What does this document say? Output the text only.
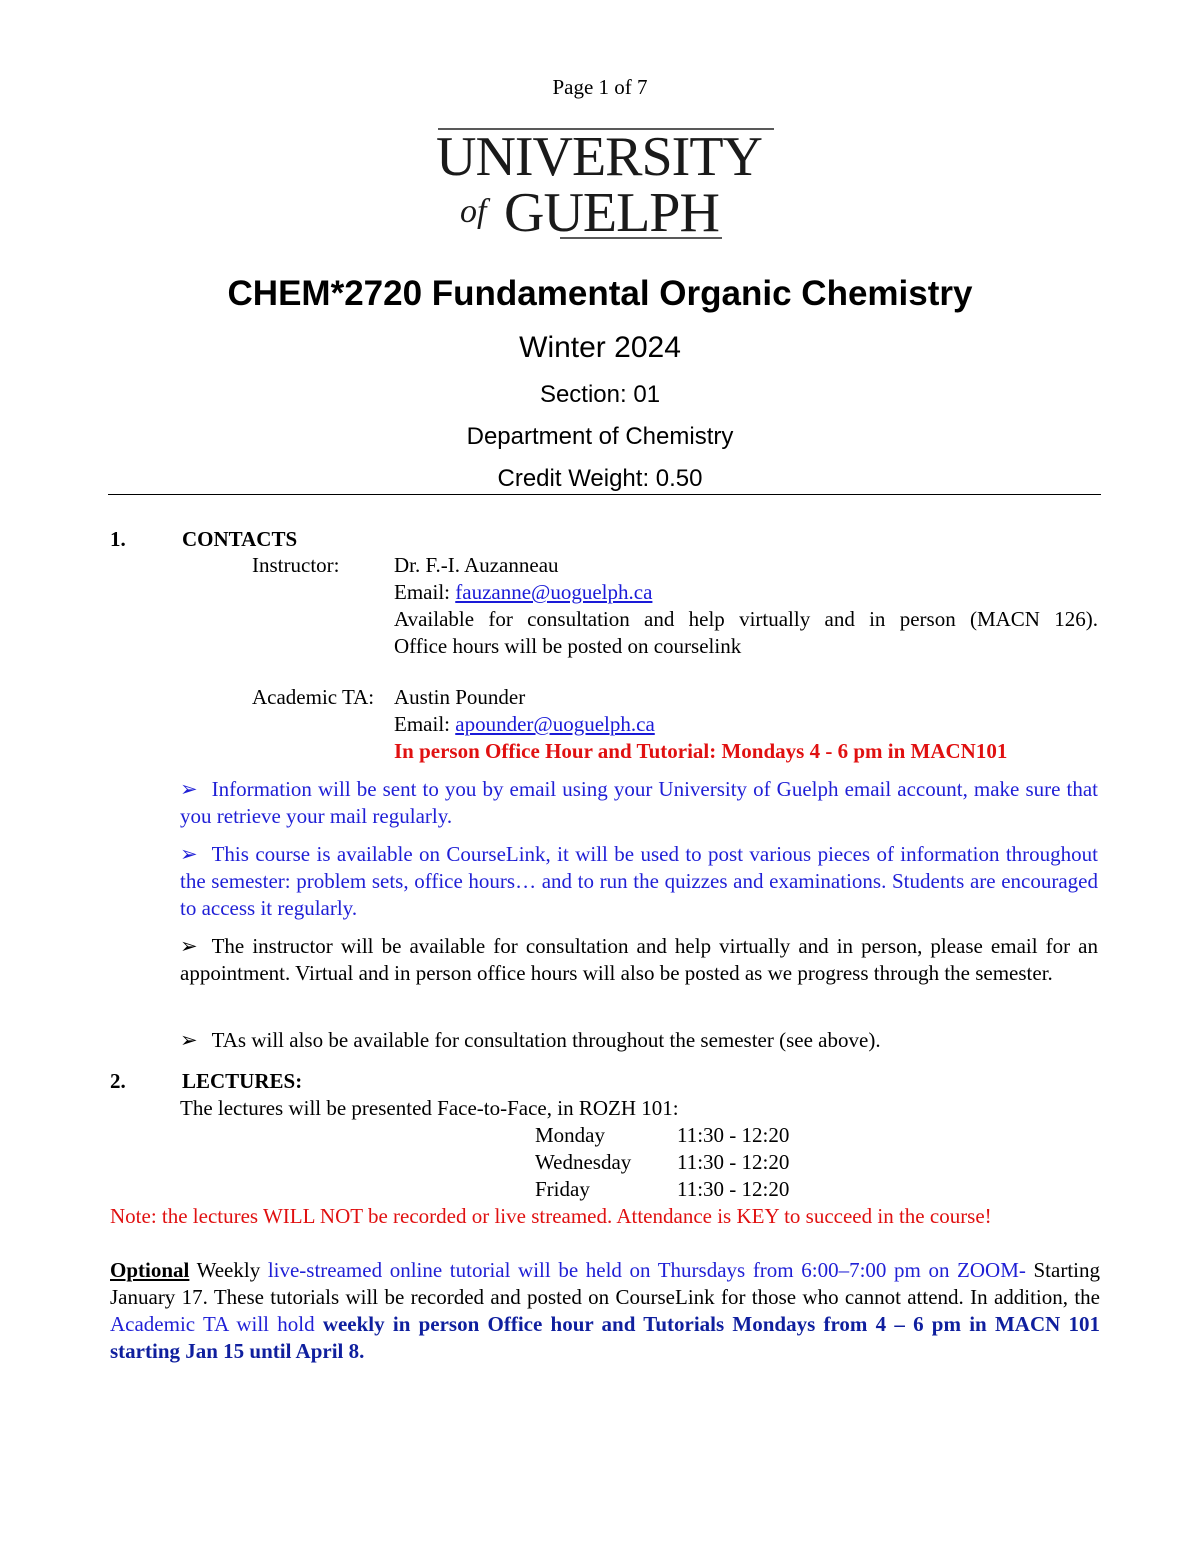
Page 1 of 7
UNIVERSITY
of GUELPH
CHEM*2720 Fundamental Organic Chemistry
Winter 2024
Section: 01
Department of Chemistry
Credit Weight: 0.50
1.	CONTACTS
Instructor:	Dr. F.-I. Auzanneau
Email: fauzanne@uoguelph.ca
Available for consultation and help virtually and in person (MACN 126).
Office hours will be posted on courselink
Academic TA: Austin Pounder
Email: apounder@uoguelph.ca
In person Office Hour and Tutorial: Mondays 4 - 6 pm in MACN101
➢ Information will be sent to you by email using your University of Guelph email account, make sure that you retrieve your mail regularly.
➢ This course is available on CourseLink, it will be used to post various pieces of information throughout the semester: problem sets, office hours… and to run the quizzes and examinations. Students are encouraged to access it regularly.
➢ The instructor will be available for consultation and help virtually and in person, please email for an appointment. Virtual and in person office hours will also be posted as we progress through the semester.
➢ TAs will also be available for consultation throughout the semester (see above).
2.	LECTURES:
The lectures will be presented Face-to-Face, in ROZH 101:
Monday	11:30 - 12:20
Wednesday 11:30 - 12:20
Friday	11:30 - 12:20
Note: the lectures WILL NOT be recorded or live streamed. Attendance is KEY to succeed in the course!
Optional Weekly live-streamed online tutorial will be held on Thursdays from 6:00–7:00 pm on ZOOM- Starting January 17. These tutorials will be recorded and posted on CourseLink for those who cannot attend. In addition, the Academic TA will hold weekly in person Office hour and Tutorials Mondays from 4 – 6 pm in MACN 101 starting Jan 15 until April 8.
